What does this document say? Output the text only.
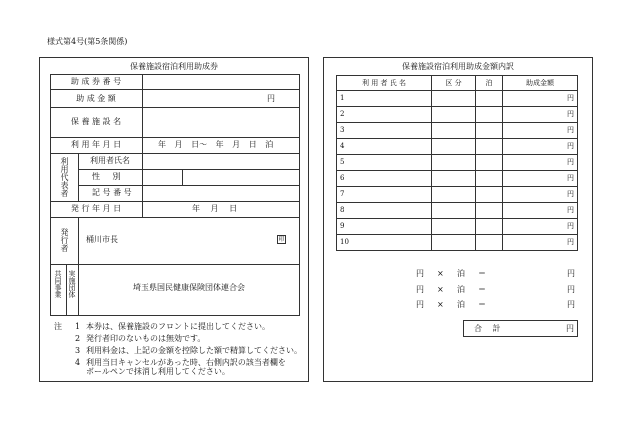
様式第4号(第5条関係)
保養施設宿泊利用助成券
助 成 券 番 号
助 成 金 額	円
保 養 施 設 名
利 用 年 月 日	年 月 日～ 年 月 日 泊
利用代表者	利用者氏名
性 別
記 号 番 号
発 行 年 月 日	年 月 日
発行者 桶川市長	印
共同事業 実施団体	埼玉県国民健康保険団体連合会
注 1 本券は、保養施設のフロントに提出してください。
2 発行者印のないものは無効です。
3 利用料金は、上記の金額を控除した額で精算してください。
4 利用当日キャンセルがあった時、右側内訳の該当者欄を
ボールペンで抹消し利用してください。
保養施設宿泊利用助成金額内訳
利 用 者 氏 名	区 分	泊	助成金額
1			円
2			円
3			円
4			円
5			円
6			円
7			円
8			円
9			円
10			円
円 × 泊 ＝	円
円 × 泊 ＝	円
円 × 泊 ＝	円
合 計	円
